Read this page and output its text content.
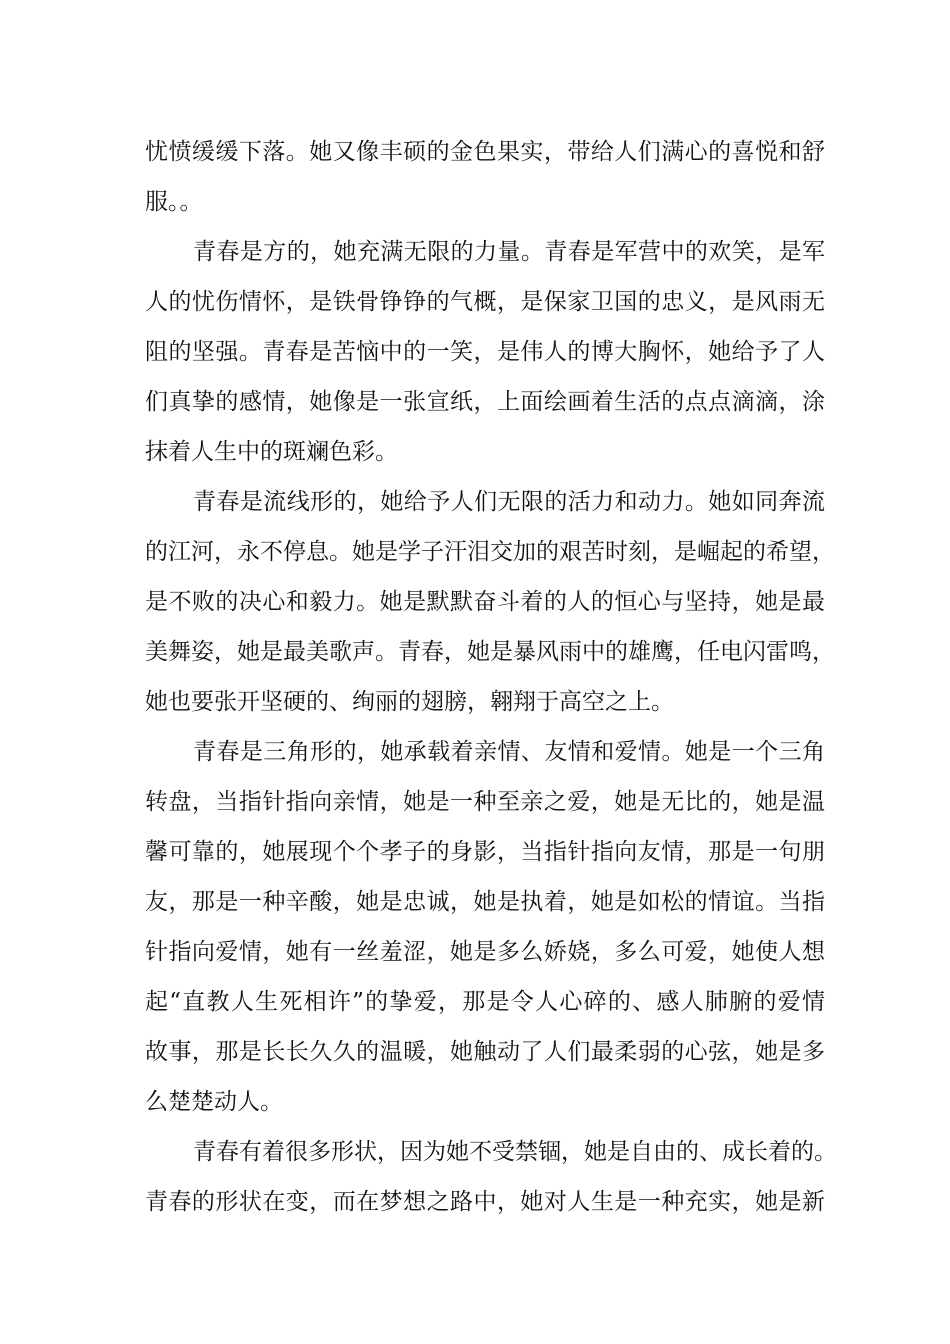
忧愤缓缓下落。她又像丰硕的金色果实，带给人们满心的喜悦和舒
服。。
青春是方的，她充满无限的力量。青春是军营中的欢笑，是军
人的忧伤情怀，是铁骨铮铮的气概，是保家卫国的忠义，是风雨无
阻的坚强。青春是苦恼中的一笑，是伟人的博大胸怀，她给予了人
们真挚的感情，她像是一张宣纸，上面绘画着生活的点点滴滴，涂
抹着人生中的斑斓色彩。
青春是流线形的，她给予人们无限的活力和动力。她如同奔流
的江河，永不停息。她是学子汗泪交加的艰苦时刻，是崛起的希望，
是不败的决心和毅力。她是默默奋斗着的人的恒心与坚持，她是最
美舞姿，她是最美歌声。青春，她是暴风雨中的雄鹰，任电闪雷鸣，
她也要张开坚硬的、绚丽的翅膀，翱翔于高空之上。
青春是三角形的，她承载着亲情、友情和爱情。她是一个三角
转盘，当指针指向亲情，她是一种至亲之爱，她是无比的，她是温
馨可靠的，她展现个个孝子的身影，当指针指向友情，那是一句朋
友，那是一种辛酸，她是忠诚，她是执着，她是如松的情谊。当指
针指向爱情，她有一丝羞涩，她是多么娇娆，多么可爱，她使人想
起“直教人生死相许”的挚爱，那是令人心碎的、感人肺腑的爱情
故事，那是长长久久的温暖，她触动了人们最柔弱的心弦，她是多
么楚楚动人。
青春有着很多形状，因为她不受禁锢，她是自由的、成长着的。
青春的形状在变，而在梦想之路中，她对人生是一种充实，她是新
